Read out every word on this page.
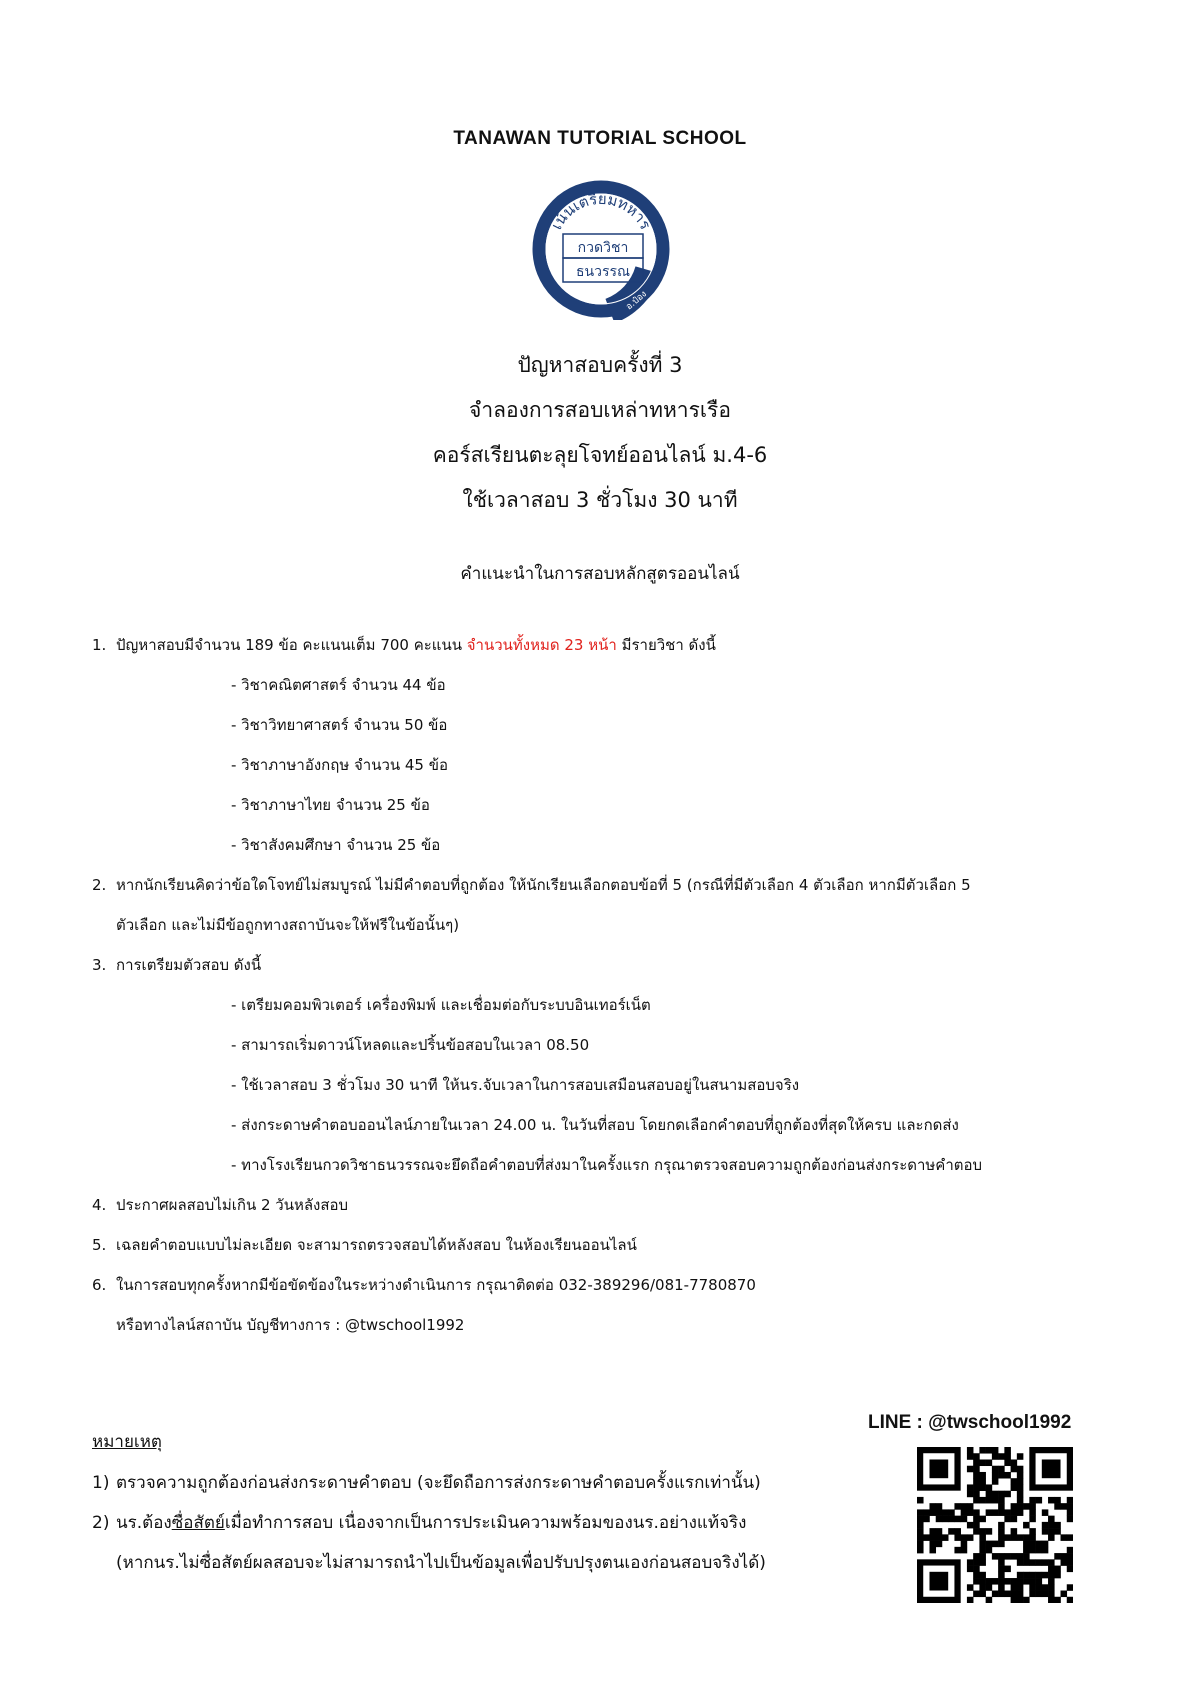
TANAWAN TUTORIAL SCHOOL
เน้นเตรียมทหาร
กวดวิชา
ธนวรรณ
อ.ป๋อง
ปัญหาสอบครั้งที่ 3
จำลองการสอบเหล่าทหารเรือ
คอร์สเรียนตะลุยโจทย์ออนไลน์ ม.4-6
ใช้เวลาสอบ 3 ชั่วโมง 30 นาที
คำแนะนำในการสอบหลักสูตรออนไลน์
1. ปัญหาสอบมีจำนวน 189 ข้อ คะแนนเต็ม 700 คะแนน จำนวนทั้งหมด 23 หน้า มีรายวิชา ดังนี้
- วิชาคณิตศาสตร์ จำนวน 44 ข้อ
- วิชาวิทยาศาสตร์ จำนวน 50 ข้อ
- วิชาภาษาอังกฤษ จำนวน 45 ข้อ
- วิชาภาษาไทย จำนวน 25 ข้อ
- วิชาสังคมศึกษา จำนวน 25 ข้อ
2. หากนักเรียนคิดว่าข้อใดโจทย์ไม่สมบูรณ์ ไม่มีคำตอบที่ถูกต้อง ให้นักเรียนเลือกตอบข้อที่ 5 (กรณีที่มีตัวเลือก 4 ตัวเลือก หากมีตัวเลือก 5
ตัวเลือก และไม่มีข้อถูกทางสถาบันจะให้ฟรีในข้อนั้นๆ)
3. การเตรียมตัวสอบ ดังนี้
- เตรียมคอมพิวเตอร์ เครื่องพิมพ์ และเชื่อมต่อกับระบบอินเทอร์เน็ต
- สามารถเริ่มดาวน์โหลดและปริ้นข้อสอบในเวลา 08.50
- ใช้เวลาสอบ 3 ชั่วโมง 30 นาที ให้นร.จับเวลาในการสอบเสมือนสอบอยู่ในสนามสอบจริง
- ส่งกระดาษคำตอบออนไลน์ภายในเวลา 24.00 น. ในวันที่สอบ โดยกดเลือกคำตอบที่ถูกต้องที่สุดให้ครบ และกดส่ง
- ทางโรงเรียนกวดวิชาธนวรรณจะยึดถือคำตอบที่ส่งมาในครั้งแรก กรุณาตรวจสอบความถูกต้องก่อนส่งกระดาษคำตอบ
4. ประกาศผลสอบไม่เกิน 2 วันหลังสอบ
5. เฉลยคำตอบแบบไม่ละเอียด จะสามารถตรวจสอบได้หลังสอบ ในห้องเรียนออนไลน์
6. ในการสอบทุกครั้งหากมีข้อขัดข้องในระหว่างดำเนินการ กรุณาติดต่อ 032-389296/081-7780870
หรือทางไลน์สถาบัน บัญชีทางการ : @twschool1992
หมายเหตุ
1) ตรวจความถูกต้องก่อนส่งกระดาษคำตอบ (จะยึดถือการส่งกระดาษคำตอบครั้งแรกเท่านั้น)
2) นร.ต้องซื่อสัตย์เมื่อทำการสอบ เนื่องจากเป็นการประเมินความพร้อมของนร.อย่างแท้จริง
(หากนร.ไม่ซื่อสัตย์ผลสอบจะไม่สามารถนำไปเป็นข้อมูลเพื่อปรับปรุงตนเองก่อนสอบจริงได้)
LINE : @twschool1992
